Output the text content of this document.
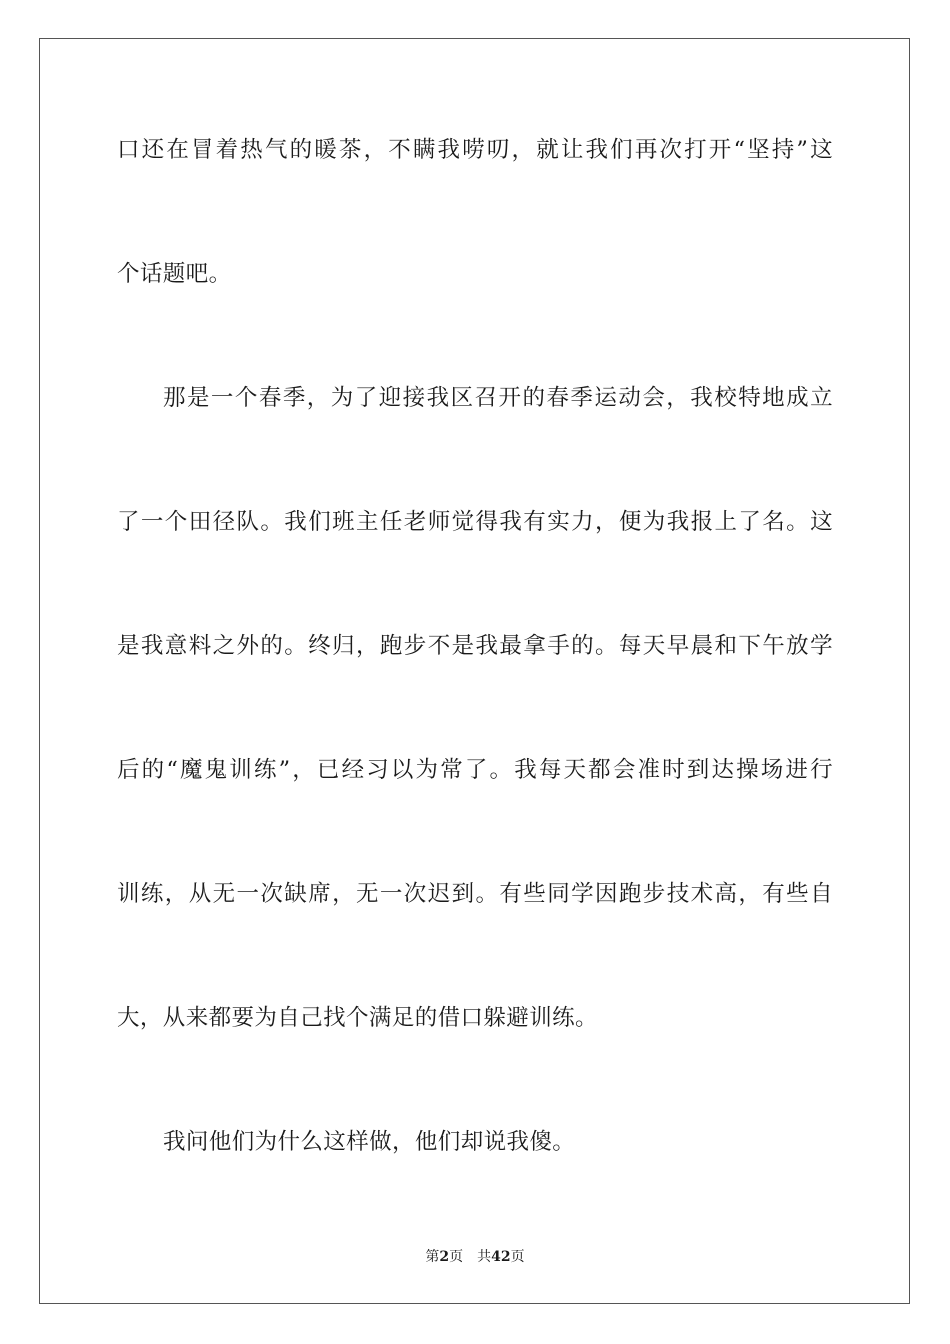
口还在冒着热气的暖茶，不瞒我唠叨，就让我们再次打开“坚持”这
个话题吧。
那是一个春季，为了迎接我区召开的春季运动会，我校特地成立
了一个田径队。我们班主任老师觉得我有实力，便为我报上了名。这
是我意料之外的。终归，跑步不是我最拿手的。每天早晨和下午放学
后的“魔鬼训练”，已经习以为常了。我每天都会准时到达操场进行
训练，从无一次缺席，无一次迟到。有些同学因跑步技术高，有些自
大，从来都要为自己找个满足的借口躲避训练。
我问他们为什么这样做，他们却说我傻。
第2页 共42页
